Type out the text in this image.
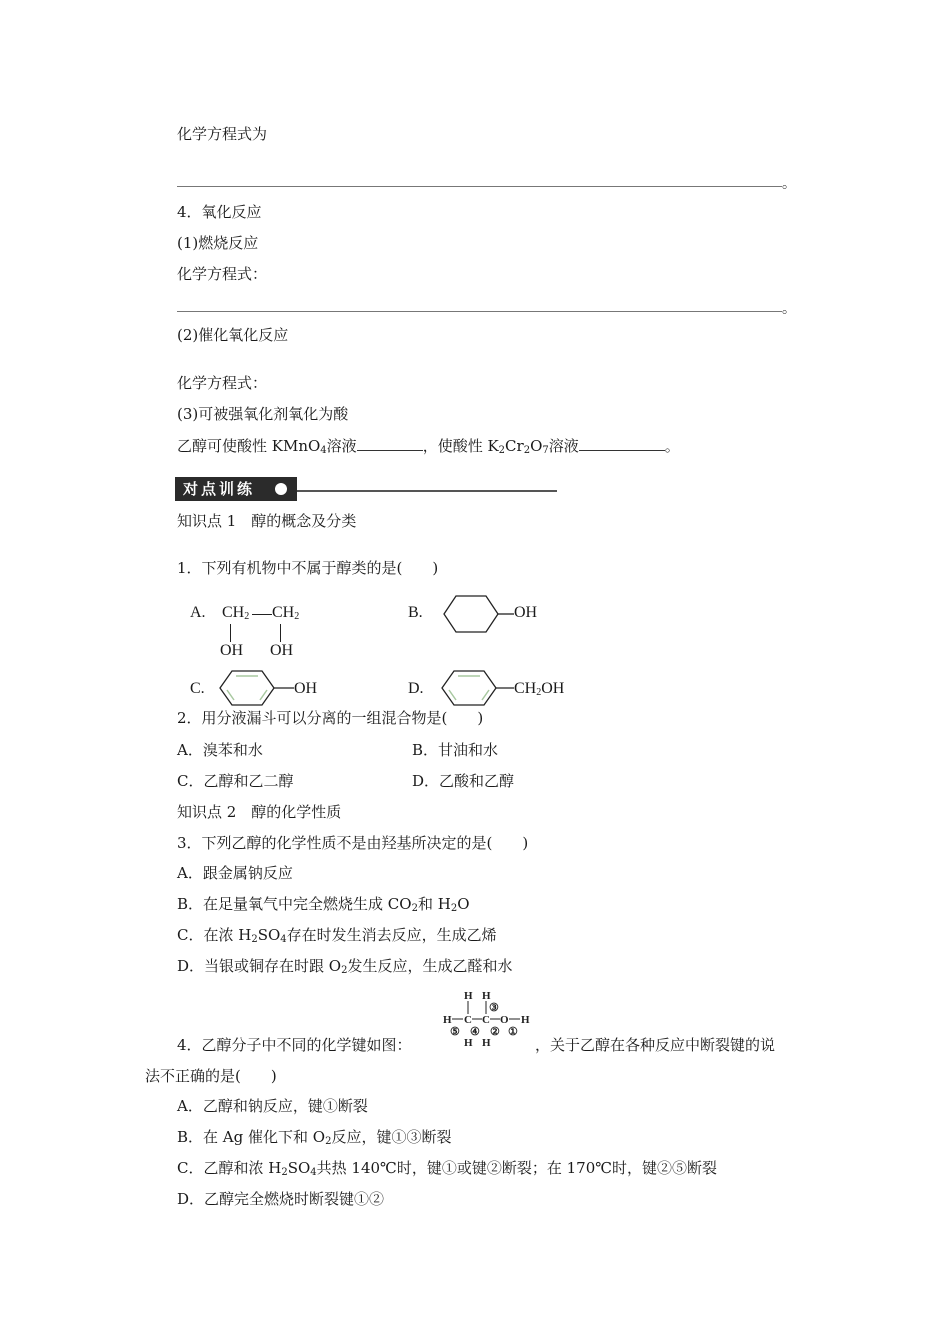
化学方程式为
。
4．氧化反应
(1)燃烧反应
化学方程式：
。
(2)催化氧化反应
化学方程式：
(3)可被强氧化剂氧化为酸
乙醇可使酸性 KMnO$_4$溶液	，使酸性 $K_2Cr_2O_7$溶液	。
对点训练
知识点 1　醇的概念及分类
1．下列有机物中不属于醇类的是(　　)
A. $CH_2$ $CH_2$
OH OH
B.	OH
C.	OH	D.	$CH_2OH$
2．用分液漏斗可以分离的一组混合物是(　　)
A．溴苯和水	B．甘油和水
C．乙醇和乙二醇	D．乙酸和乙醇
知识点 2　醇的化学性质
3．下列乙醇的化学性质不是由羟基所决定的是(　　)
A．跟金属钠反应
B．在足量氧气中完全燃烧生成 $CO_2$和 $H_2O$
C．在浓 $H_2SO_4$存在时发生消去反应，生成乙烯
D．当银或铜存在时跟 $O_2$发生反应，生成乙醛和水
H H
③
H C C O H
⑤ ④ ② ①
H H
4．乙醇分子中不同的化学键如图：	，关于乙醇在各种反应中断裂键的说
法不正确的是(　　)
A．乙醇和钠反应，键①断裂
B．在 Ag 催化下和 $O_2$反应，键①③断裂
C．乙醇和浓 $H_2SO_4$共热 140℃时，键①或键②断裂；在 170℃时，键②⑤断裂
D．乙醇完全燃烧时断裂键①②
